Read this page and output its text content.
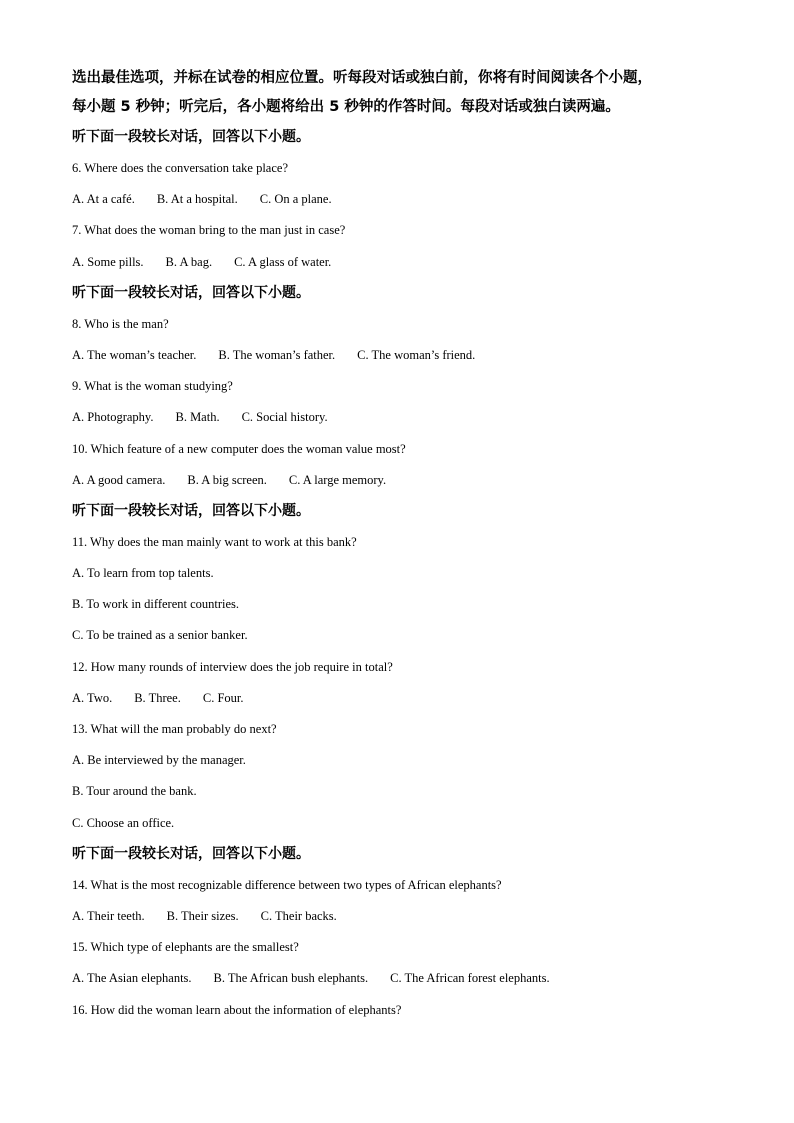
选出最佳选项，并标在试卷的相应位置。听每段对话或独白前，你将有时间阅读各个小题，
每小题 5 秒钟；听完后，各小题将给出 5 秒钟的作答时间。每段对话或独白读两遍。

听下面一段较长对话，回答以下小题。
6. Where does the conversation take place?
A. At a café. B. At a hospital. C. On a plane.
7. What does the woman bring to the man just in case?
A. Some pills. B. A bag. C. A glass of water.
听下面一段较长对话，回答以下小题。
8. Who is the man?
A. The woman’s teacher. B. The woman’s father. C. The woman’s friend.
9. What is the woman studying?
A. Photography. B. Math. C. Social history.
10. Which feature of a new computer does the woman value most?
A. A good camera. B. A big screen. C. A large memory.
听下面一段较长对话，回答以下小题。
11. Why does the man mainly want to work at this bank?
A. To learn from top talents.
B. To work in different countries.
C. To be trained as a senior banker.
12. How many rounds of interview does the job require in total?
A. Two. B. Three. C. Four.
13. What will the man probably do next?
A. Be interviewed by the manager.
B. Tour around the bank.
C. Choose an office.
听下面一段较长对话，回答以下小题。
14. What is the most recognizable difference between two types of African elephants?
A. Their teeth. B. Their sizes. C. Their backs.
15. Which type of elephants are the smallest?
A. The Asian elephants. B. The African bush elephants. C. The African forest elephants.
16. How did the woman learn about the information of elephants?
